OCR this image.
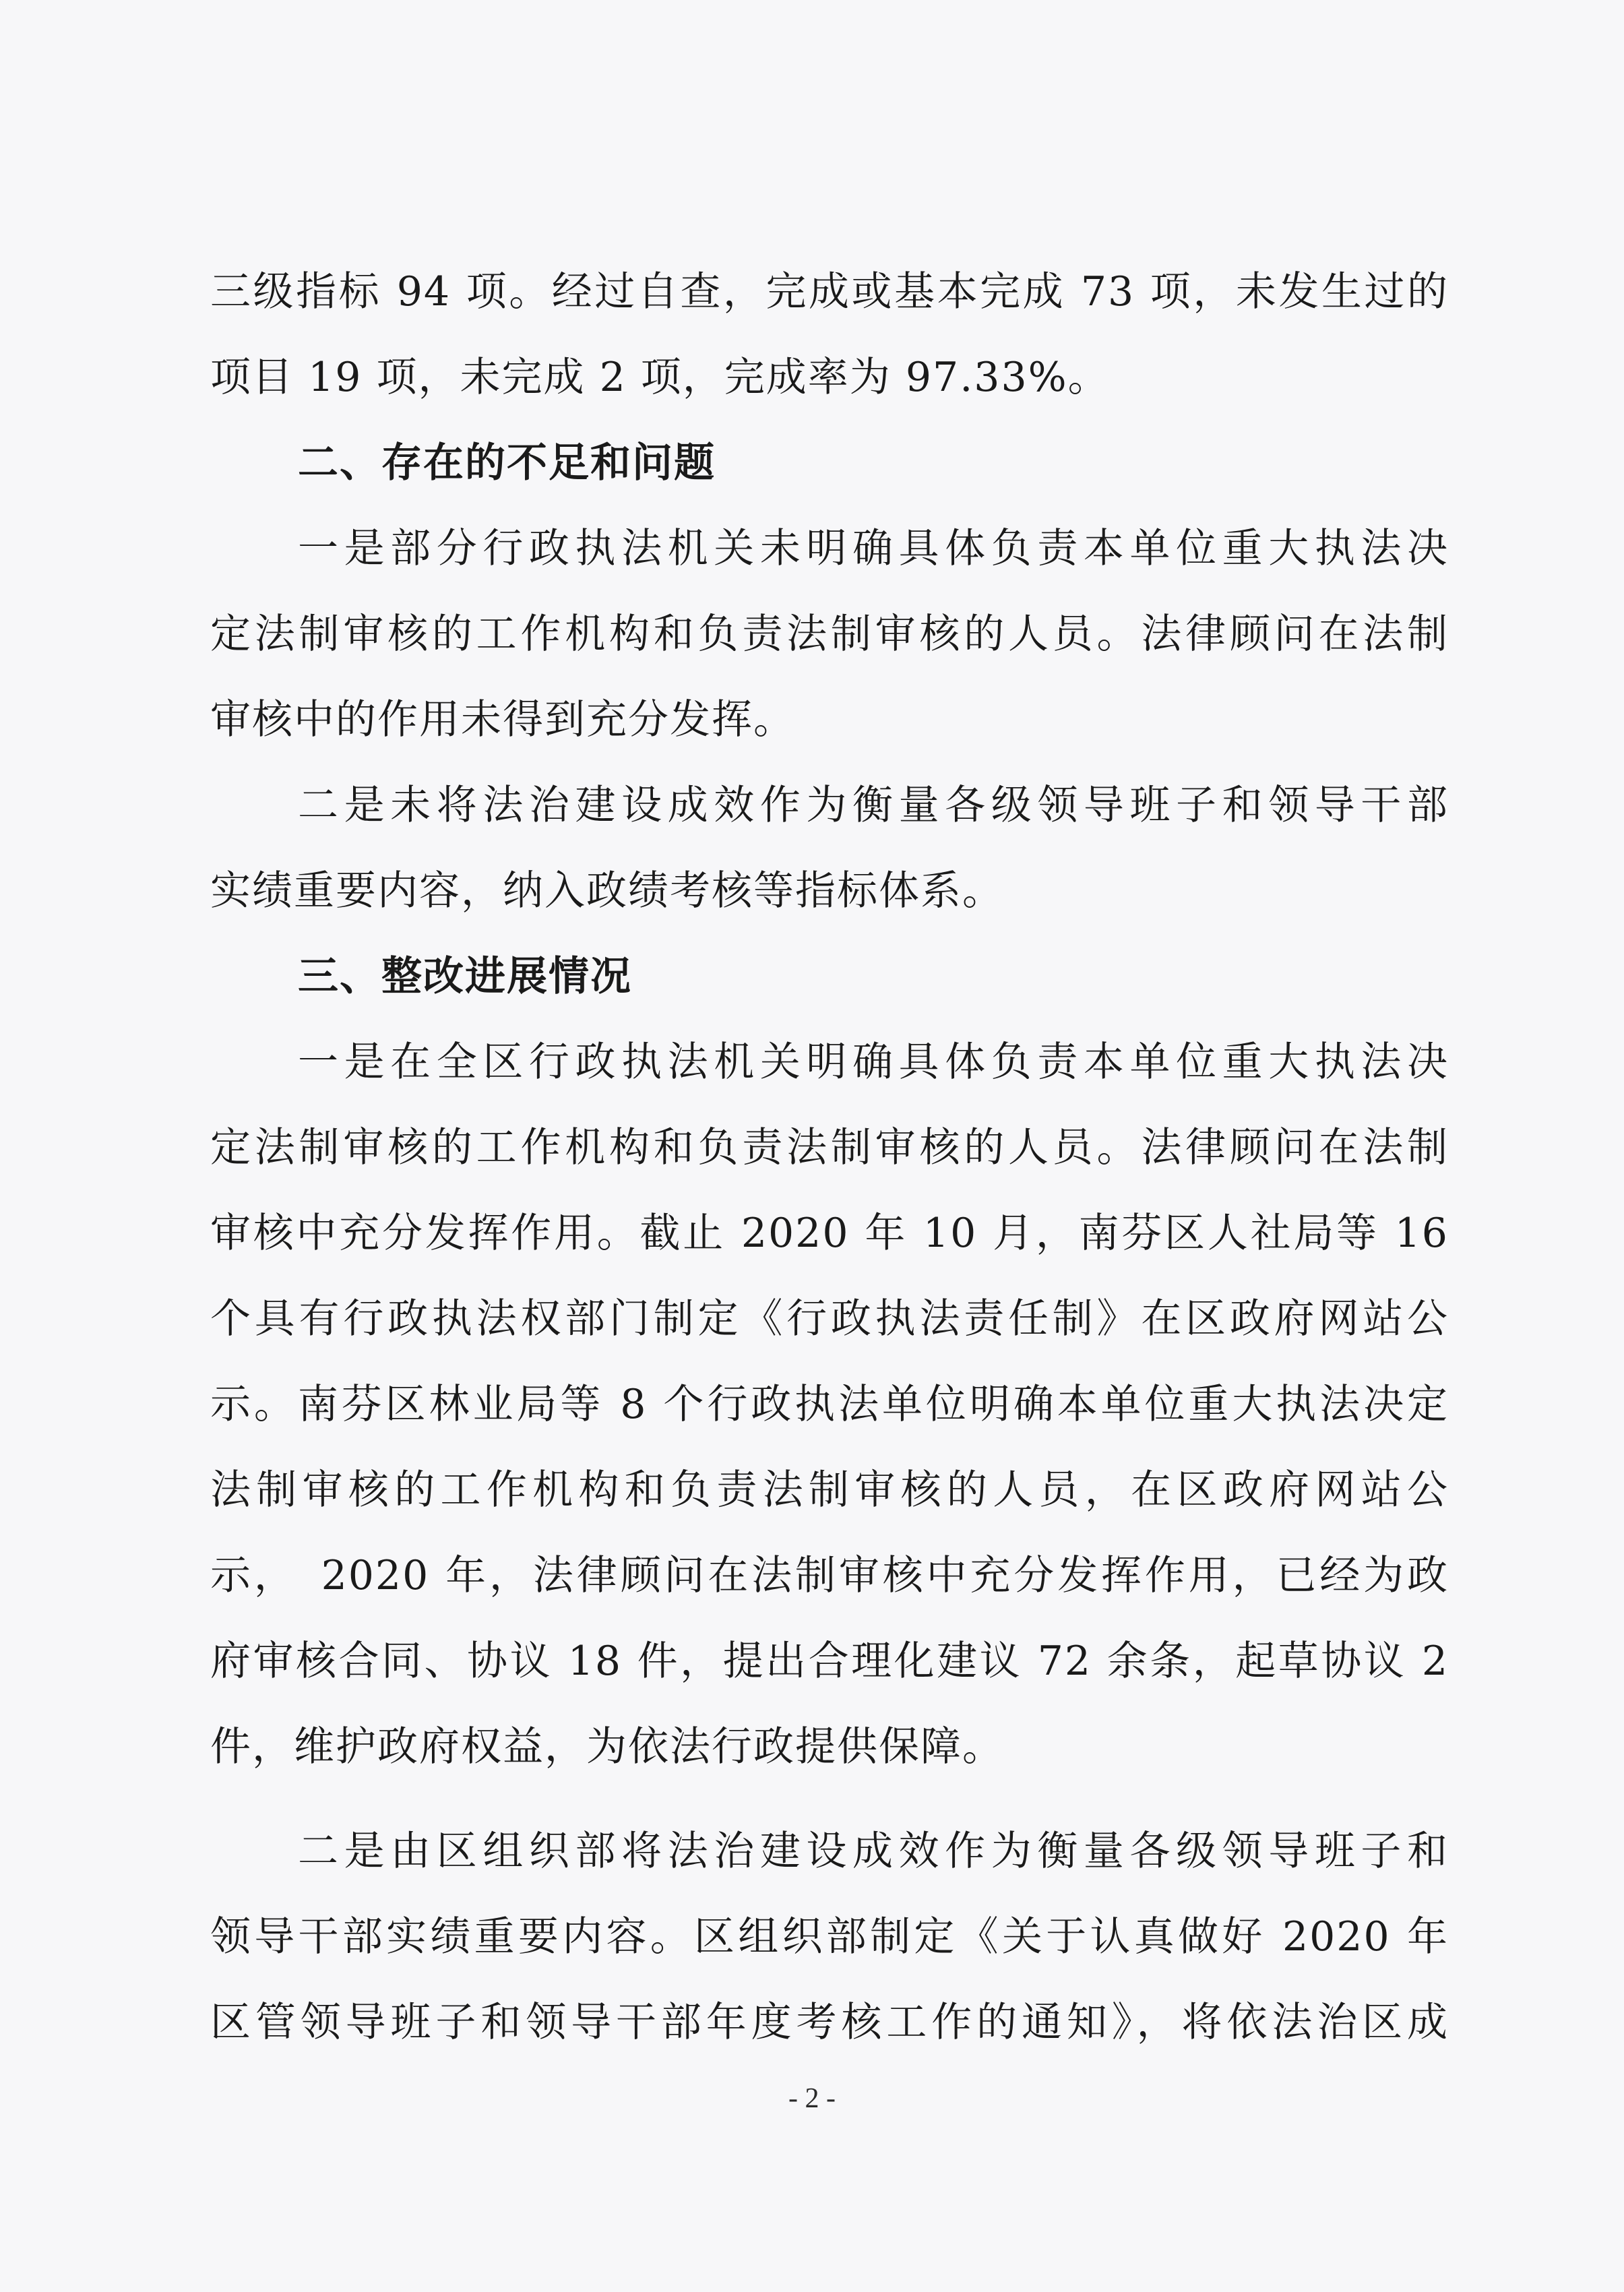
三级指标 94 项。经过自查，完成或基本完成 73 项，未发生过的
项目 19 项，未完成 2 项，完成率为 97.33%。
二、存在的不足和问题
一是部分行政执法机关未明确具体负责本单位重大执法决
定法制审核的工作机构和负责法制审核的人员。法律顾问在法制
审核中的作用未得到充分发挥。
二是未将法治建设成效作为衡量各级领导班子和领导干部
实绩重要内容，纳入政绩考核等指标体系。
三、整改进展情况
一是在全区行政执法机关明确具体负责本单位重大执法决
定法制审核的工作机构和负责法制审核的人员。法律顾问在法制
审核中充分发挥作用。截止 2020 年 10 月，南芬区人社局等 16
个具有行政执法权部门制定《行政执法责任制》在区政府网站公
示。南芬区林业局等 8 个行政执法单位明确本单位重大执法决定
法制审核的工作机构和负责法制审核的人员，在区政府网站公
示，　2020 年，法律顾问在法制审核中充分发挥作用，已经为政
府审核合同、协议 18 件，提出合理化建议 72 余条，起草协议 2
件，维护政府权益，为依法行政提供保障。
二是由区组织部将法治建设成效作为衡量各级领导班子和
领导干部实绩重要内容。区组织部制定《关于认真做好 2020 年
区管领导班子和领导干部年度考核工作的通知》，将依法治区成
- 2 -
